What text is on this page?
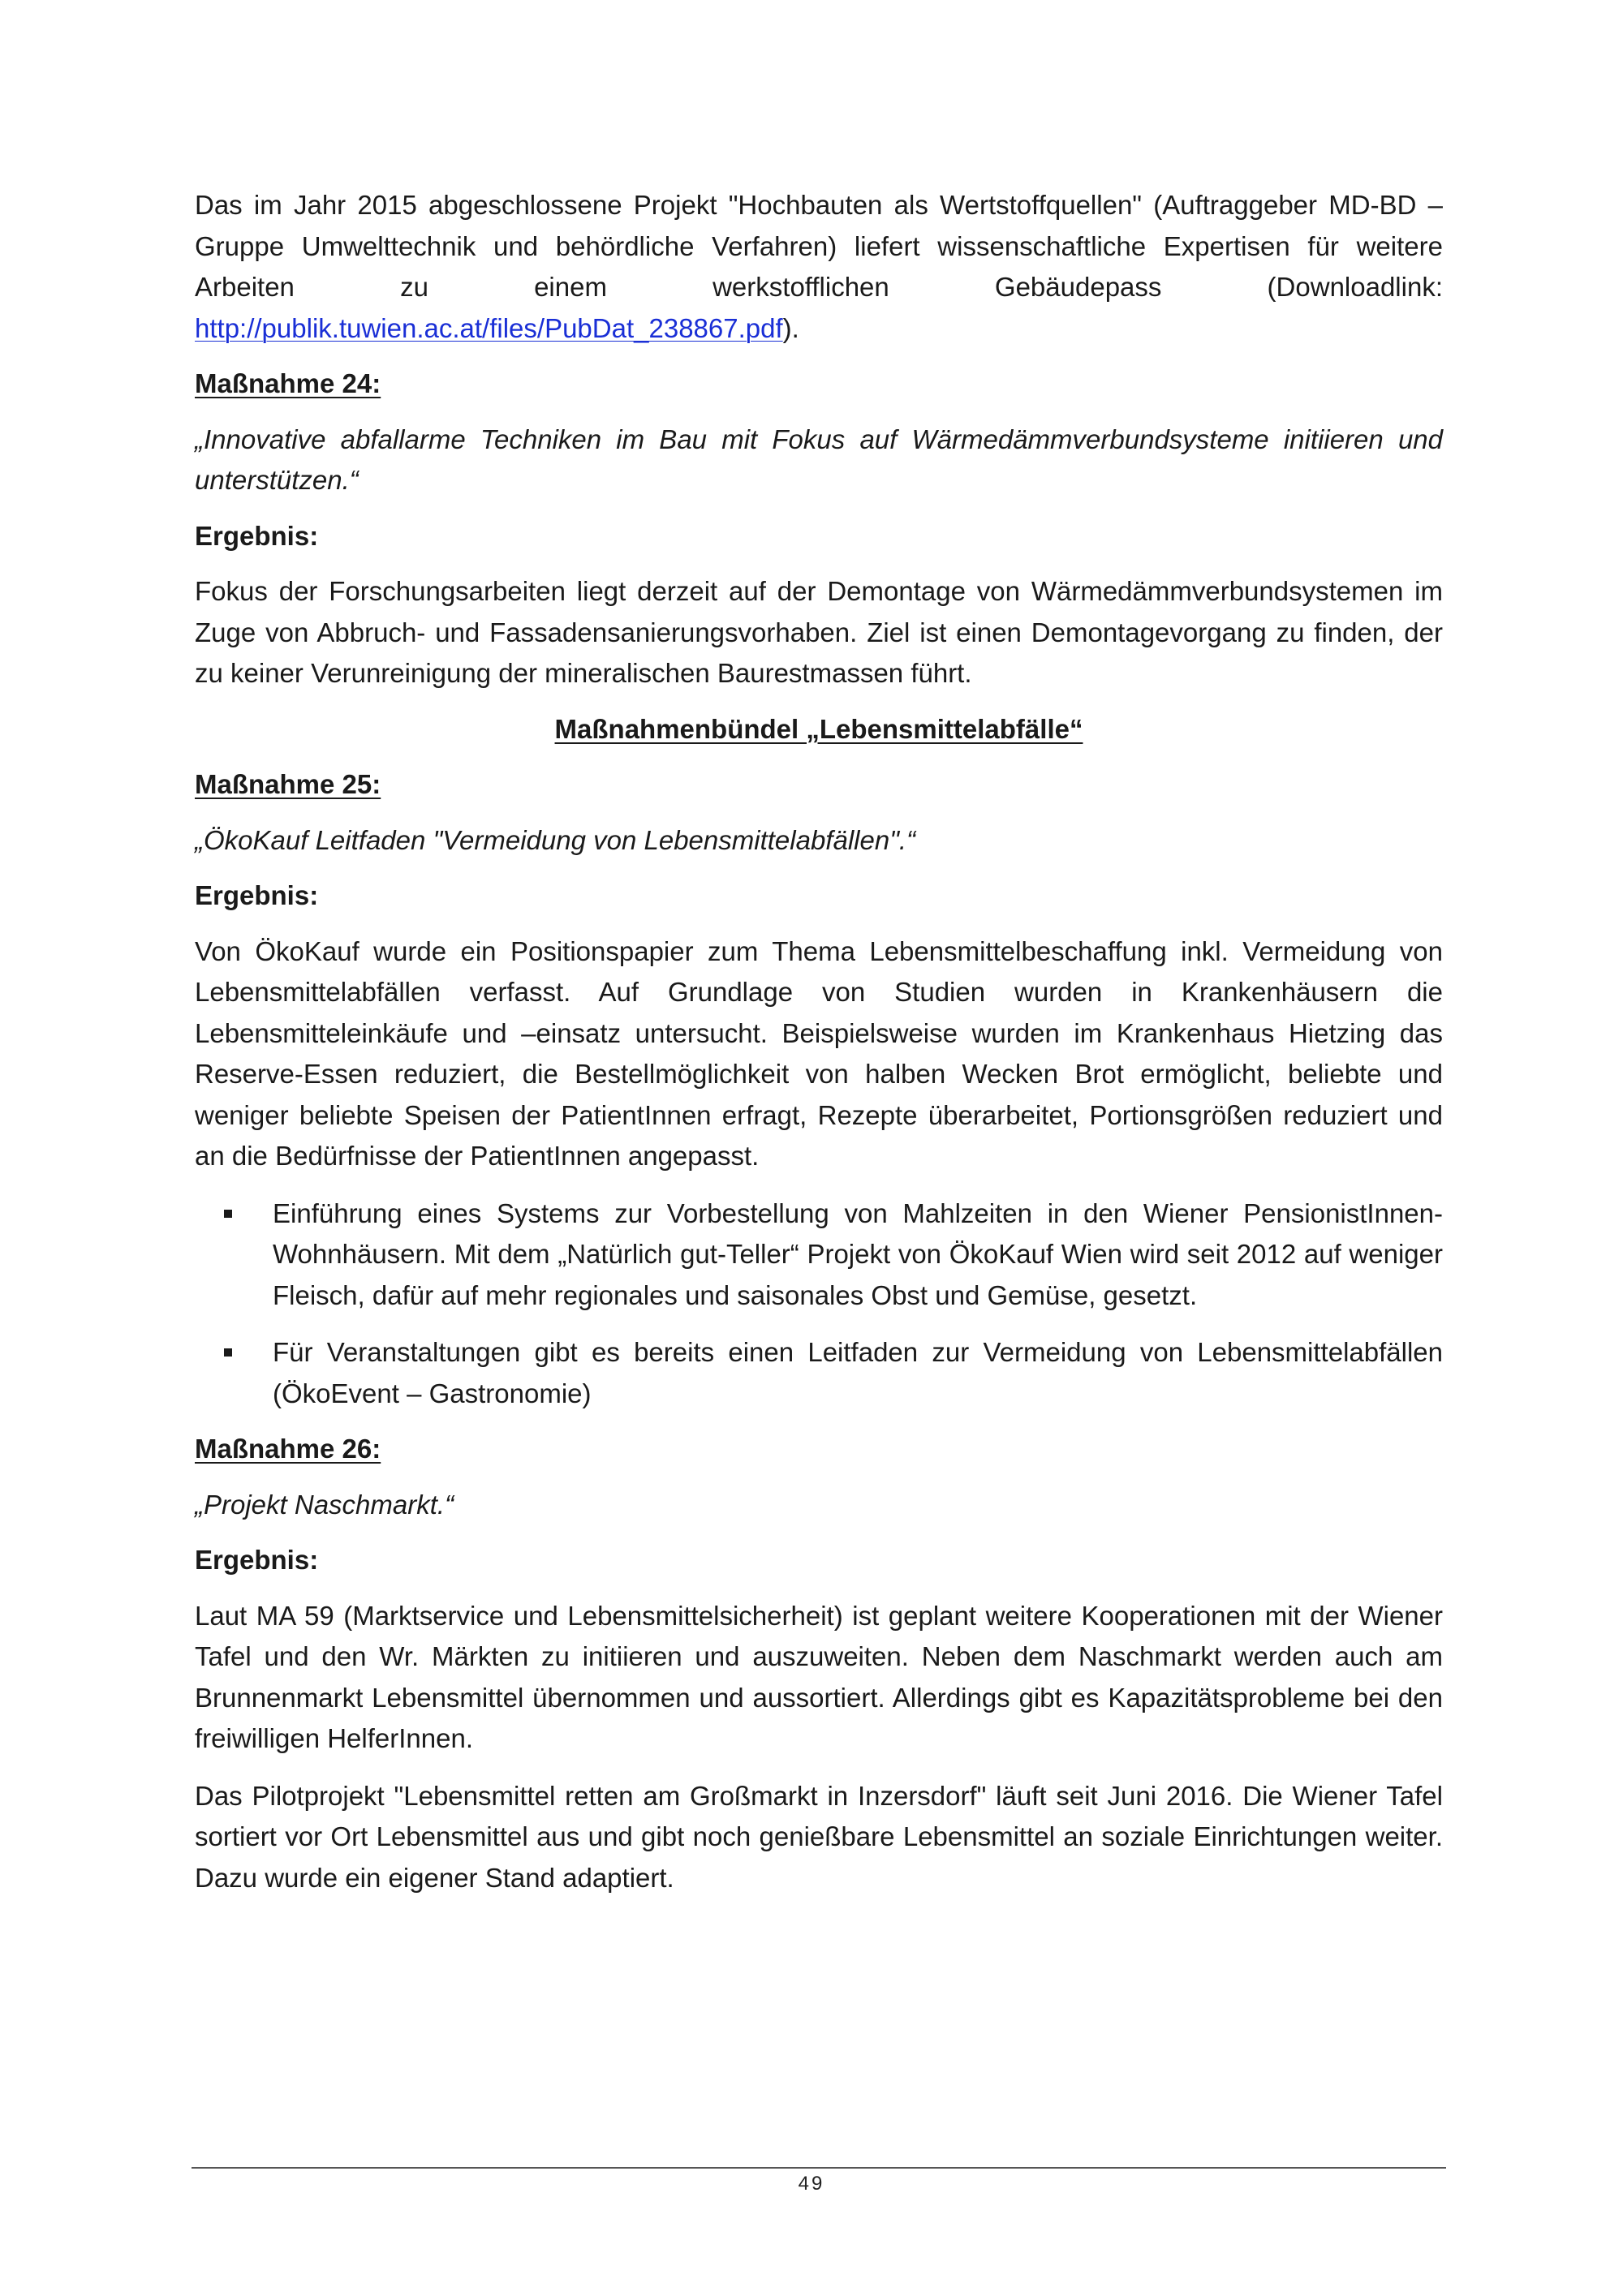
Das im Jahr 2015 abgeschlossene Projekt "Hochbauten als Wertstoffquellen" (Auftraggeber MD-BD – Gruppe Umwelttechnik und behördliche Verfahren) liefert wissenschaftliche Expertisen für weitere Arbeiten zu einem werkstofflichen Gebäudepass (Downloadlink:

http://publik.tuwien.ac.at/files/PubDat_238867.pdf).

Maßnahme 24:

„Innovative abfallarme Techniken im Bau mit Fokus auf Wärmedämmverbundsysteme initiieren und unterstützen.“

Ergebnis:

Fokus der Forschungsarbeiten liegt derzeit auf der Demontage von Wärmedämmverbundsystemen im Zuge von Abbruch- und Fassadensanierungsvorhaben. Ziel ist einen Demontagevorgang zu finden, der zu keiner Verunreinigung der mineralischen Baurestmassen führt.

Maßnahmenbündel „Lebensmittelabfälle“

Maßnahme 25:

„ÖkoKauf Leitfaden "Vermeidung von Lebensmittelabfällen".“

Ergebnis:

Von ÖkoKauf wurde ein Positionspapier zum Thema Lebensmittelbeschaffung inkl. Vermeidung von Lebensmittelabfällen verfasst. Auf Grundlage von Studien wurden in Krankenhäusern die Lebensmitteleinkäufe und –einsatz untersucht. Beispielsweise wurden im Krankenhaus Hietzing das Reserve-Essen reduziert, die Bestellmöglichkeit von halben Wecken Brot ermöglicht, beliebte und weniger beliebte Speisen der PatientInnen erfragt, Rezepte überarbeitet, Portionsgrößen reduziert und an die Bedürfnisse der PatientInnen angepasst.

Einführung eines Systems zur Vorbestellung von Mahlzeiten in den Wiener PensionistInnen-Wohnhäusern. Mit dem „Natürlich gut-Teller“ Projekt von ÖkoKauf Wien wird seit 2012 auf weniger Fleisch, dafür auf mehr regionales und saisonales Obst und Gemüse, gesetzt.
Für Veranstaltungen gibt es bereits einen Leitfaden zur Vermeidung von Lebensmittelabfällen (ÖkoEvent – Gastronomie)

Maßnahme 26:

„Projekt Naschmarkt.“

Ergebnis:

Laut MA 59 (Marktservice und Lebensmittelsicherheit) ist geplant weitere Kooperationen mit der Wiener Tafel und den Wr. Märkten zu initiieren und auszuweiten. Neben dem Naschmarkt werden auch am Brunnenmarkt Lebensmittel übernommen und aussortiert. Allerdings gibt es Kapazitätsprobleme bei den freiwilligen HelferInnen.

Das Pilotprojekt "Lebensmittel retten am Großmarkt in Inzersdorf" läuft seit Juni 2016. Die Wiener Tafel sortiert vor Ort Lebensmittel aus und gibt noch genießbare Lebensmittel an soziale Einrichtungen weiter. Dazu wurde ein eigener Stand adaptiert.

49
